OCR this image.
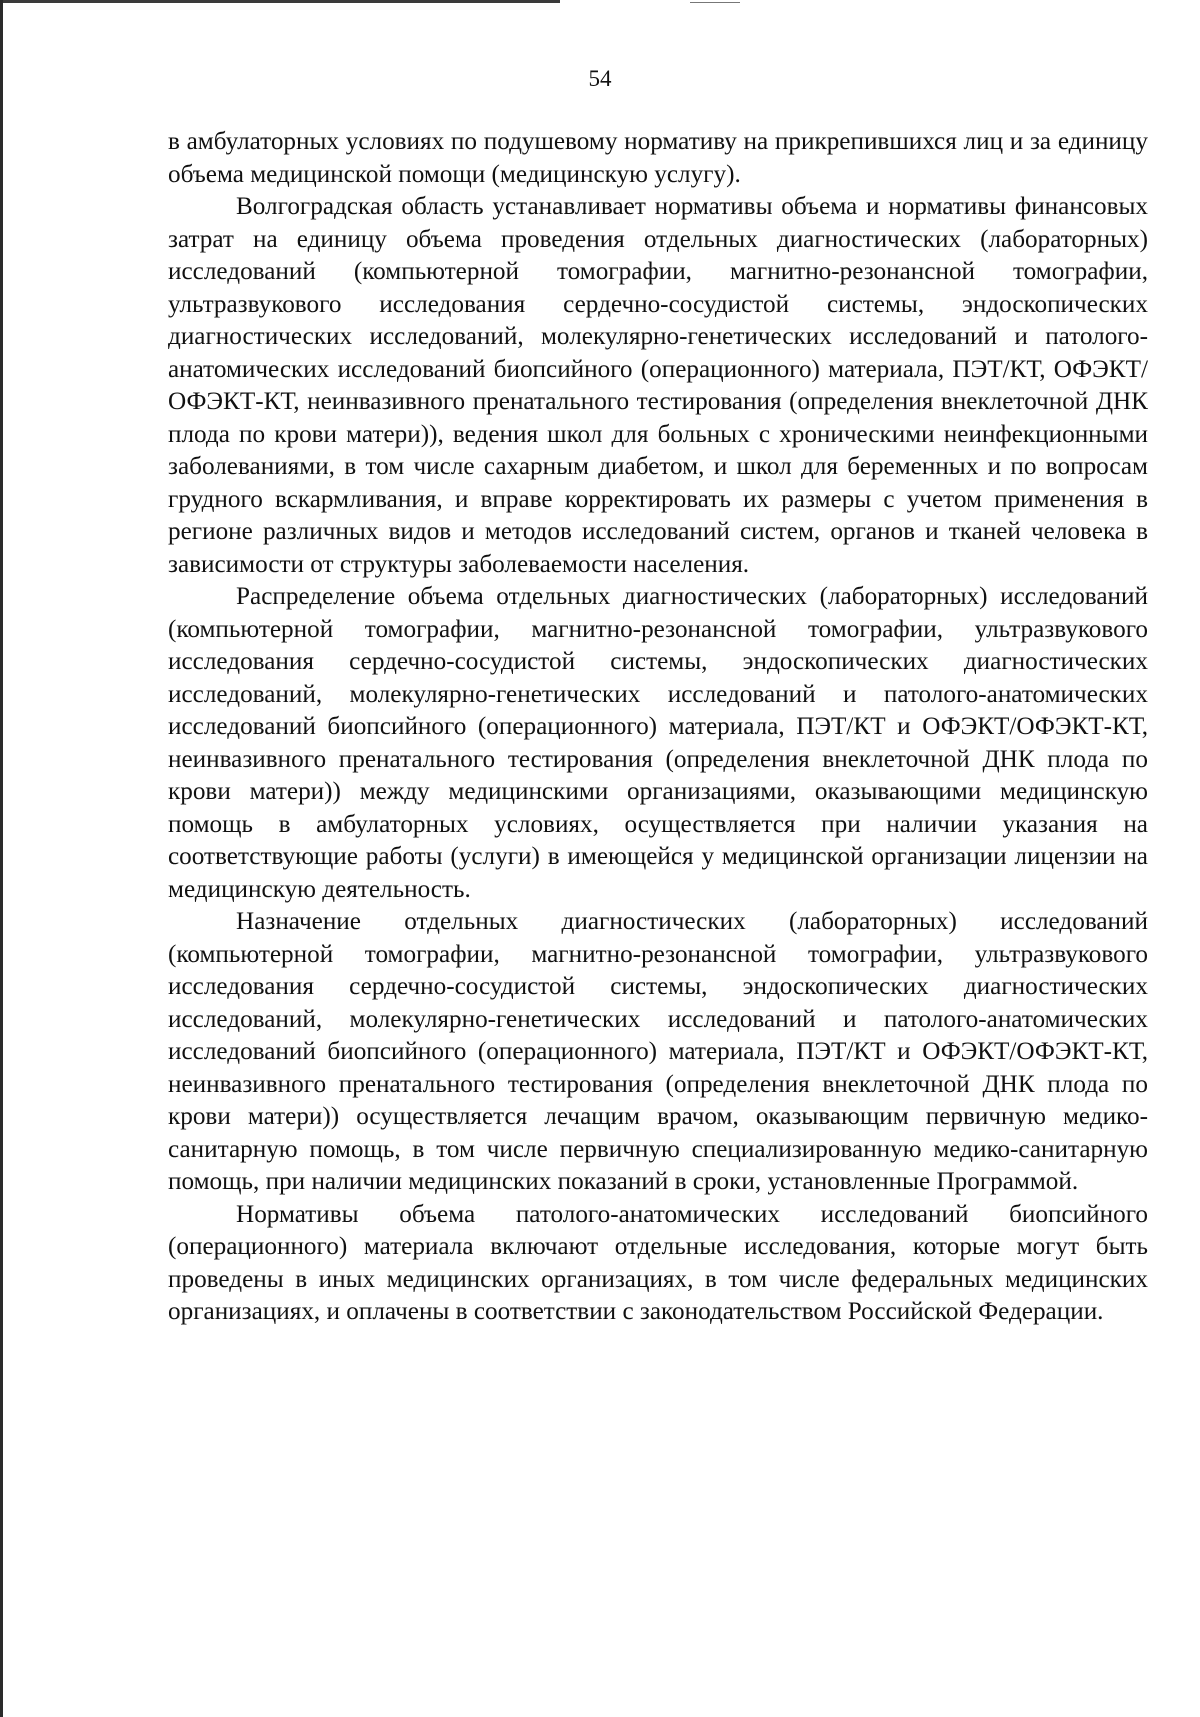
54

в амбулаторных условиях по подушевому нормативу на прикрепившихся лиц и за единицу объема медицинской помощи (медицинскую услугу).

Волгоградская область устанавливает нормативы объема и нормативы финансовых затрат на единицу объема проведения отдельных диагностических (лабораторных) исследований (компьютерной томографии, магнитно-резонансной томографии, ультразвукового исследования сердечно-сосудистой системы, эндоскопических диагностических исследований, молекулярно-генетических исследований и патолого-анатомических исследований биопсийного (операционного) материала, ПЭТ/КТ, ОФЭКТ/ОФЭКТ-КТ, неинвазивного пренатального тестирования (определения внеклеточной ДНК плода по крови матери)), ведения школ для больных с хроническими неинфекционными заболеваниями, в том числе сахарным диабетом, и школ для беременных и по вопросам грудного вскармливания, и вправе корректировать их размеры с учетом применения в регионе различных видов и методов исследований систем, органов и тканей человека в зависимости от структуры заболеваемости населения.

Распределение объема отдельных диагностических (лабораторных) исследований (компьютерной томографии, магнитно-резонансной томографии, ультразвукового исследования сердечно-сосудистой системы, эндоскопических диагностических исследований, молекулярно-генетических исследований и патолого-анатомических исследований биопсийного (операционного) материала, ПЭТ/КТ и ОФЭКТ/ОФЭКТ-КТ, неинвазивного пренатального тестирования (определения внеклеточной ДНК плода по крови матери)) между медицинскими организациями, оказывающими медицинскую помощь в амбулаторных условиях, осуществляется при наличии указания на соответствующие работы (услуги) в имеющейся у медицинской организации лицензии на медицинскую деятельность.

Назначение отдельных диагностических (лабораторных) исследований (компьютерной томографии, магнитно-резонансной томографии, ультразвукового исследования сердечно-сосудистой системы, эндоскопических диагностических исследований, молекулярно-генетических исследований и патолого-анатомических исследований биопсийного (операционного) материала, ПЭТ/КТ и ОФЭКТ/ОФЭКТ-КТ, неинвазивного пренатального тестирования (определения внеклеточной ДНК плода по крови матери)) осуществляется лечащим врачом, оказывающим первичную медико-санитарную помощь, в том числе первичную специализированную медико-санитарную помощь, при наличии медицинских показаний в сроки, установленные Программой.

Нормативы объема патолого-анатомических исследований биопсийного (операционного) материала включают отдельные исследования, которые могут быть проведены в иных медицинских организациях, в том числе федеральных медицинских организациях, и оплачены в соответствии с законодательством Российской Федерации.
